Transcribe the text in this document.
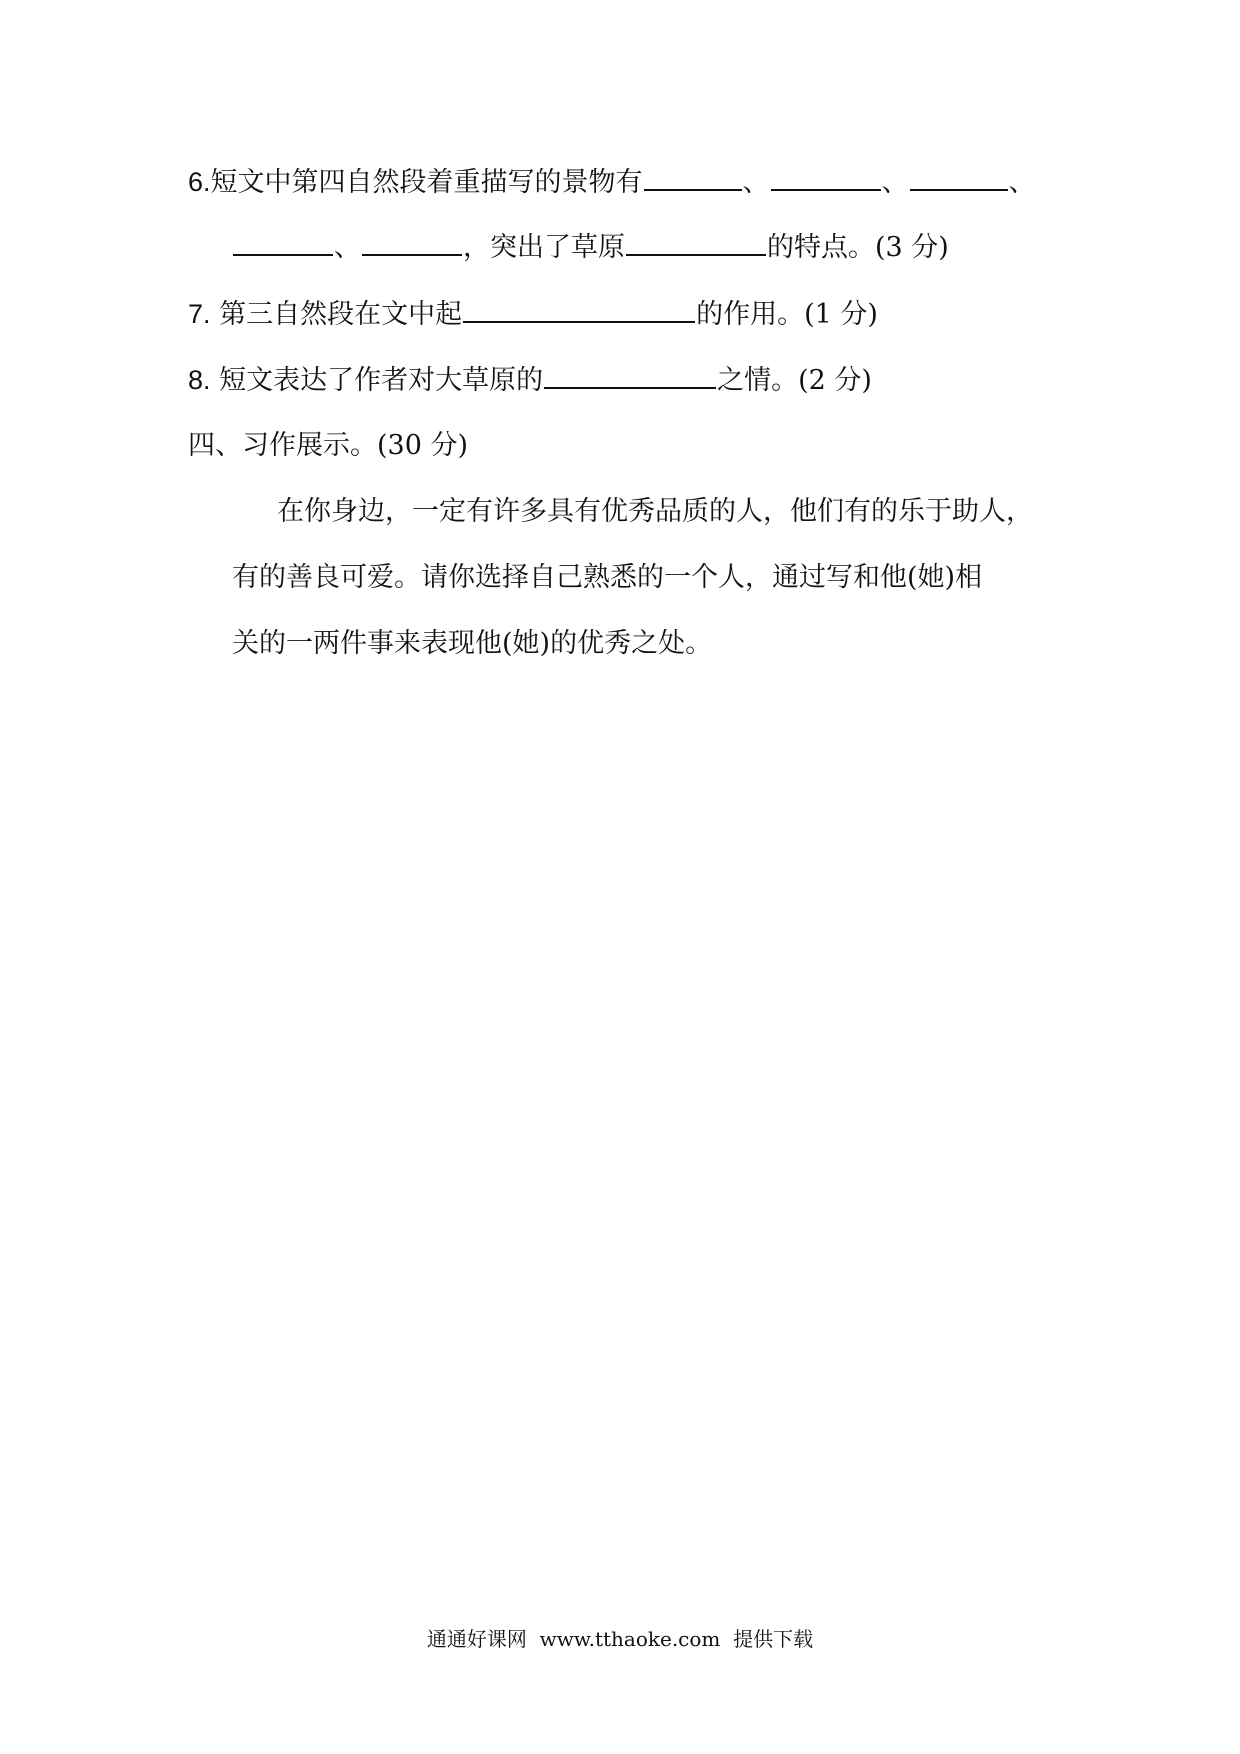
6.短文中第四自然段着重描写的景物有	、	、	、
、	，突出了草原	的特点。(3 分)
7. 第三自然段在文中起	的作用。(1 分)
8. 短文表达了作者对大草原的	之情。(2 分)
四、习作展示。(30 分)
在你身边，一定有许多具有优秀品质的人，他们有的乐于助人，
有的善良可爱。请你选择自己熟悉的一个人，通过写和他(她)相
关的一两件事来表现他(她)的优秀之处。
通通好课网  www.tthaoke.com  提供下载
